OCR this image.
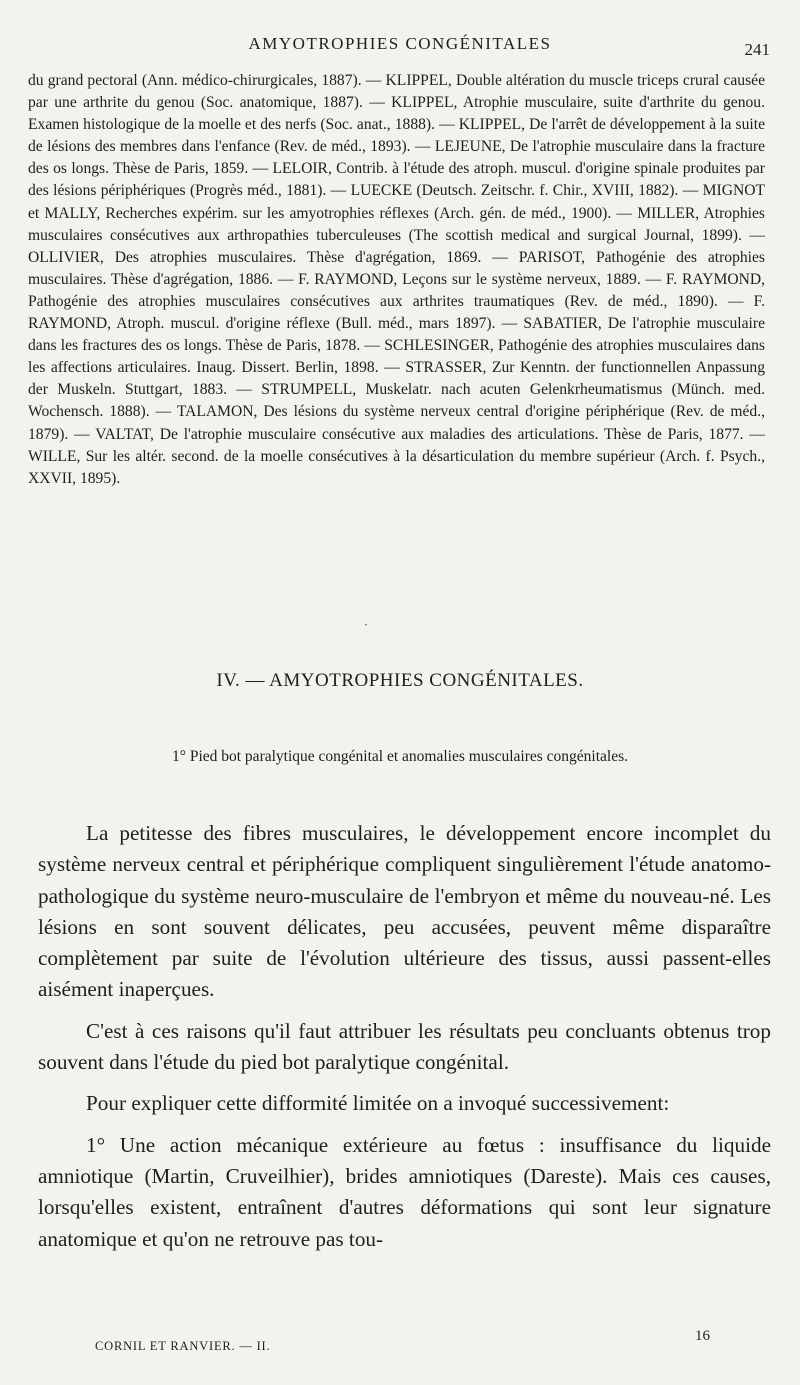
AMYOTROPHIES CONGÉNITALES	241

du grand pectoral (Ann. médico-chirurgicales, 1887). — KLIPPEL, Double altération du muscle triceps crural causée par une arthrite du genou (Soc. anatomique, 1887). — KLIPPEL, Atrophie musculaire, suite d'arthrite du genou. Examen histologique de la moelle et des nerfs (Soc. anat., 1888). — KLIPPEL, De l'arrêt de développement à la suite de lésions des membres dans l'enfance (Rev. de méd., 1893). — LEJEUNE, De l'atrophie musculaire dans la fracture des os longs. Thèse de Paris, 1859. — LELOIR, Contrib. à l'étude des atroph. muscul. d'origine spinale produites par des lésions périphériques (Progrès méd., 1881). — LUECKE (Deutsch. Zeitschr. f. Chir., XVIII, 1882). — MIGNOT et MALLY, Recherches expérim. sur les amyotrophies réflexes (Arch. gén. de méd., 1900). — MILLER, Atrophies musculaires consécutives aux arthropathies tuberculeuses (The scottish medical and surgical Journal, 1899). — OLLIVIER, Des atrophies musculaires. Thèse d'agrégation, 1869. — PARISOT, Pathogénie des atrophies musculaires. Thèse d'agrégation, 1886. — F. RAYMOND, Leçons sur le système nerveux, 1889. — F. RAYMOND, Pathogénie des atrophies musculaires consécutives aux arthrites traumatiques (Rev. de méd., 1890). — F. RAYMOND, Atroph. muscul. d'origine réflexe (Bull. méd., mars 1897). — SABATIER, De l'atrophie musculaire dans les fractures des os longs. Thèse de Paris, 1878. — SCHLESINGER, Pathogénie des atrophies musculaires dans les affections articulaires. Inaug. Dissert. Berlin, 1898. — STRASSER, Zur Kenntn. der functionnellen Anpassung der Muskeln. Stuttgart, 1883. — STRUMPELL, Muskelatr. nach acuten Gelenkrheumatismus (Münch. med. Wochensch. 1888). — TALAMON, Des lésions du système nerveux central d'origine périphérique (Rev. de méd., 1879). — VALTAT, De l'atrophie musculaire consécutive aux maladies des articulations. Thèse de Paris, 1877. — WILLE, Sur les altér. second. de la moelle consécutives à la désarticulation du membre supérieur (Arch. f. Psych., XXVII, 1895).

·
IV. — AMYOTROPHIES CONGÉNITALES.
1° Pied bot paralytique congénital et anomalies musculaires congénitales.

La petitesse des fibres musculaires, le développement encore incomplet du système nerveux central et périphérique compliquent singulièrement l'étude anatomo-pathologique du système neuro-musculaire de l'embryon et même du nouveau-né. Les lésions en sont souvent délicates, peu accusées, peuvent même disparaître complètement par suite de l'évolution ultérieure des tissus, aussi passent-elles aisément inaperçues.

C'est à ces raisons qu'il faut attribuer les résultats peu concluants obtenus trop souvent dans l'étude du pied bot paralytique congénital.

Pour expliquer cette difformité limitée on a invoqué successivement:

1° Une action mécanique extérieure au fœtus : insuffisance du liquide amniotique (Martin, Cruveilhier), brides amniotiques (Dareste). Mais ces causes, lorsqu'elles existent, entraînent d'autres déformations qui sont leur signature anatomique et qu'on ne retrouve pas tou-

CORNIL ET RANVIER. — II.
16
